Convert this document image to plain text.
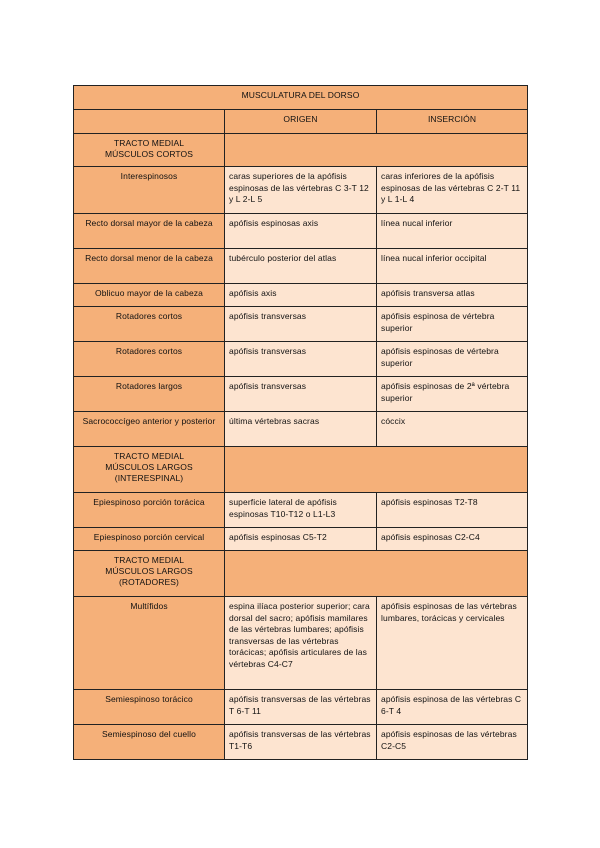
MUSCULATURA DEL DORSO		
	ORIGEN	INSERCIÓN

TRACTO MEDIAL
MÚSCULOS CORTOS		

Interespinosos	caras superiores de la apófisis espinosas de las vértebras C 3-T 12 y L 2-L 5	caras inferiores de la apófisis espinosas de las vértebras C 2-T 11 y L 1-L 4
Recto dorsal mayor de la cabeza	apófisis espinosas axis	línea nucal inferior
Recto dorsal menor de la cabeza	tubérculo posterior del atlas	línea nucal inferior occipital
Oblicuo mayor de la cabeza	apófisis axis	apófisis transversa atlas
Rotadores cortos	apófisis transversas	apófisis espinosa de vértebra superior
Rotadores cortos	apófisis transversas	apófisis espinosas de vértebra superior
Rotadores largos	apófisis transversas	apófisis espinosas de 2ª vértebra superior
Sacrococcígeo anterior y posterior	última vértebras sacras	cóccix

TRACTO MEDIAL
MÚSCULOS LARGOS
(INTERESPINAL)		

Epiespinoso porción torácica	superficie lateral de apófisis espinosas T10-T12 o L1-L3	apófisis espinosas T2-T8
Epiespinoso porción cervical	apófisis espinosas C5-T2	apófisis espinosas C2-C4

TRACTO MEDIAL
MÚSCULOS LARGOS
(ROTADORES)		

Multífidos	espina ilíaca posterior superior; cara dorsal del sacro; apófisis mamilares de las vértebras lumbares; apófisis transversas de las vértebras torácicas; apófisis articulares de las vértebras C4-C7	apófisis espinosas de las vértebras lumbares, torácicas y cervicales
Semiespinoso torácico	apófisis transversas de las vértebras T 6-T 11	apófisis espinosa de las vértebras C 6-T 4
Semiespinoso del cuello	apófisis transversas de las vértebras T1-T6	apófisis espinosas de las vértebras C2-C5
